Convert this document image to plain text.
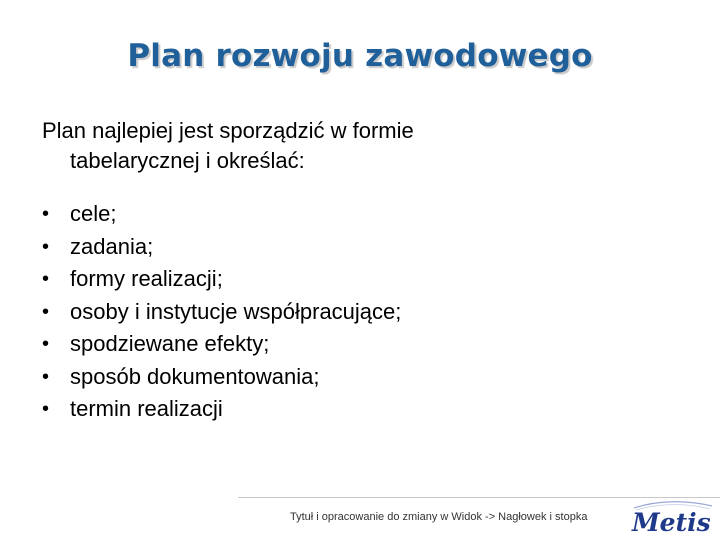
Plan rozwoju zawodowego
Plan najlepiej jest sporządzić w formie
tabelarycznej i określać:
• cele;
• zadania;
• formy realizacji;
• osoby i instytucje współpracujące;
• spodziewane efekty;
• sposób dokumentowania;
• termin realizacji
Tytuł i opracowanie do zmiany w Widok -> Nagłowek i stopka Metis
